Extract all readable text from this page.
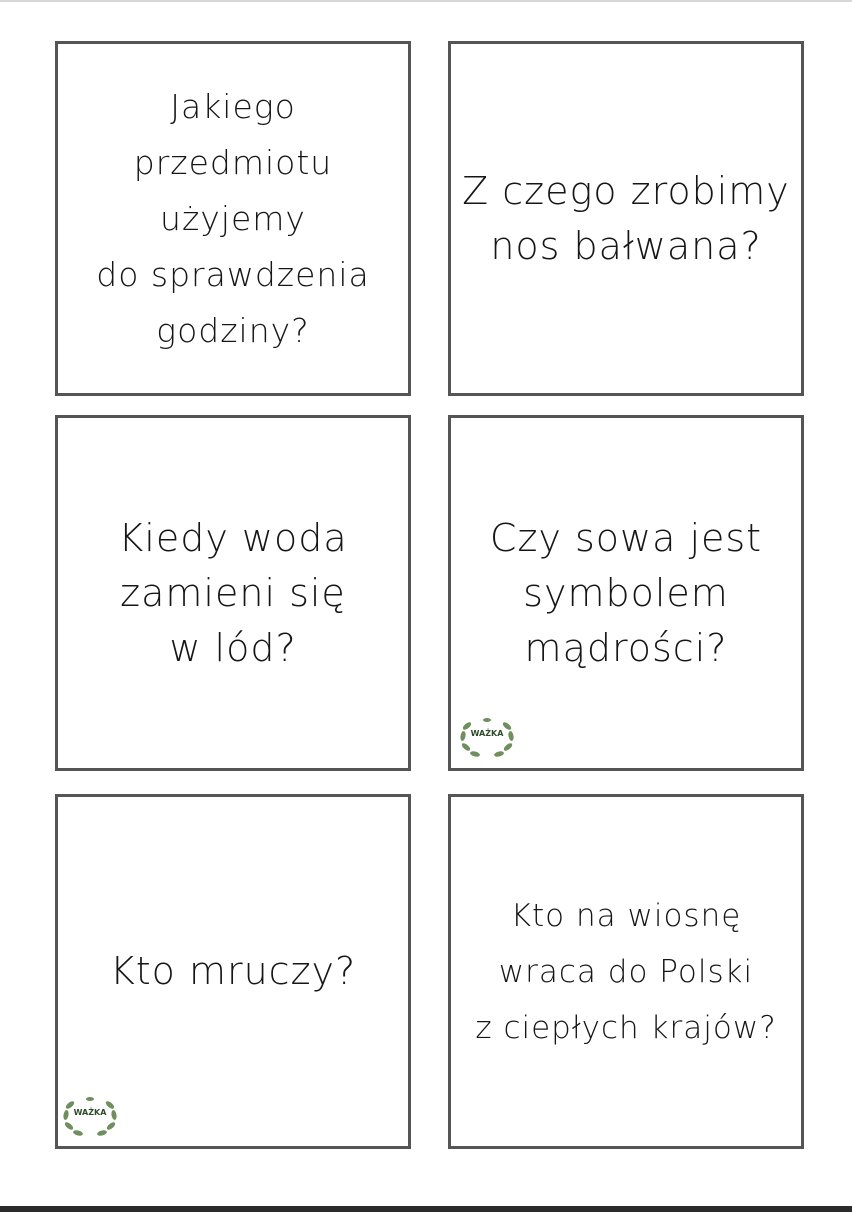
Jakiego
przedmiotu użyjemy
do sprawdzenia
godziny?

Z czego zrobimy
nos bałwana?

Kiedy woda
zamieni się
w lód?

Czy sowa jest
symbolem
mądrości?

WAŻKA

Kto mruczy?

WAŻKA

Kto na wiosnę
wraca do Polski
z ciepłych krajów?
